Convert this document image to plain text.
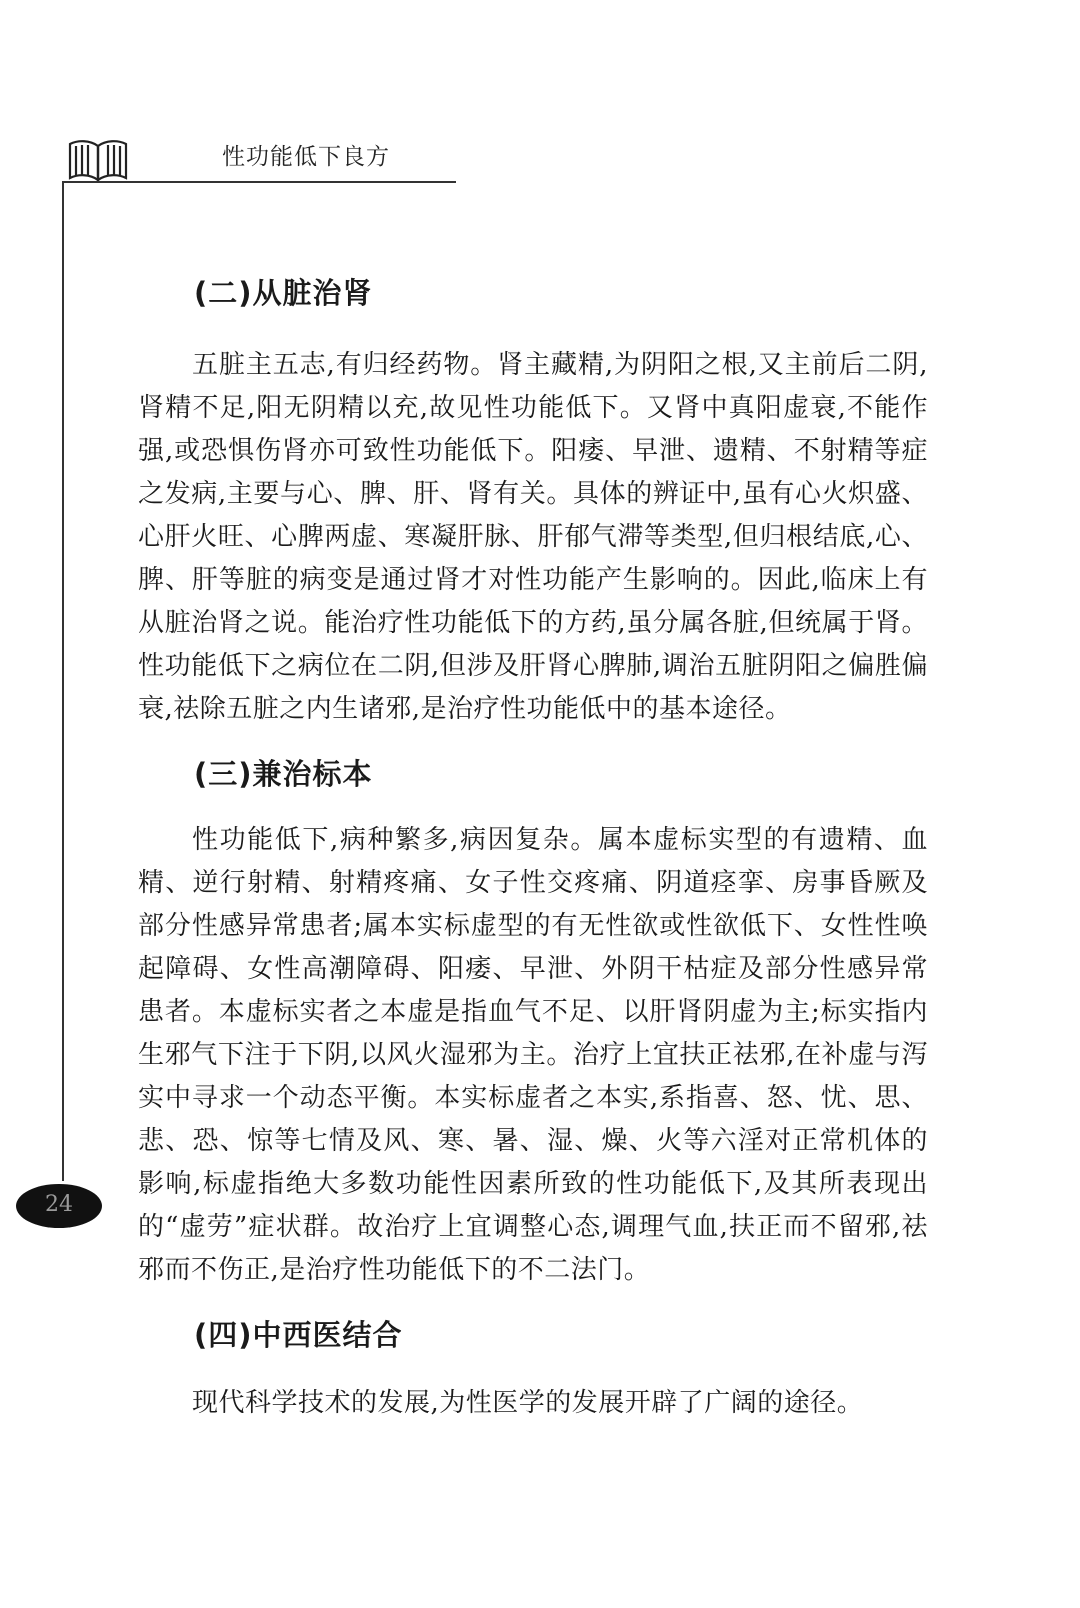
性功能低下良方
24
(二)从脏治肾

五脏主五志,有归经药物。肾主藏精,为阴阳之根,又主前后二阴,肾精不足,阳无阴精以充,故见性功能低下。又肾中真阳虚衰,不能作强,或恐惧伤肾亦可致性功能低下。阳痿、早泄、遗精、不射精等症之发病,主要与心、脾、肝、肾有关。具体的辨证中,虽有心火炽盛、心肝火旺、心脾两虚、寒凝肝脉、肝郁气滞等类型,但归根结底,心、脾、肝等脏的病变是通过肾才对性功能产生影响的。因此,临床上有从脏治肾之说。能治疗性功能低下的方药,虽分属各脏,但统属于肾。性功能低下之病位在二阴,但涉及肝肾心脾肺,调治五脏阴阳之偏胜偏衰,祛除五脏之内生诸邪,是治疗性功能低中的基本途径。

(三)兼治标本

性功能低下,病种繁多,病因复杂。属本虚标实型的有遗精、血精、逆行射精、射精疼痛、女子性交疼痛、阴道痉挛、房事昏厥及部分性感异常患者;属本实标虚型的有无性欲或性欲低下、女性性唤起障碍、女性高潮障碍、阳痿、早泄、外阴干枯症及部分性感异常患者。本虚标实者之本虚是指血气不足、以肝肾阴虚为主;标实指内生邪气下注于下阴,以风火湿邪为主。治疗上宜扶正祛邪,在补虚与泻实中寻求一个动态平衡。本实标虚者之本实,系指喜、怒、忧、思、悲、恐、惊等七情及风、寒、暑、湿、燥、火等六淫对正常机体的影响,标虚指绝大多数功能性因素所致的性功能低下,及其所表现出的“虚劳”症状群。故治疗上宜调整心态,调理气血,扶正而不留邪,祛邪而不伤正,是治疗性功能低下的不二法门。

(四)中西医结合

现代科学技术的发展,为性医学的发展开辟了广阔的途径。
